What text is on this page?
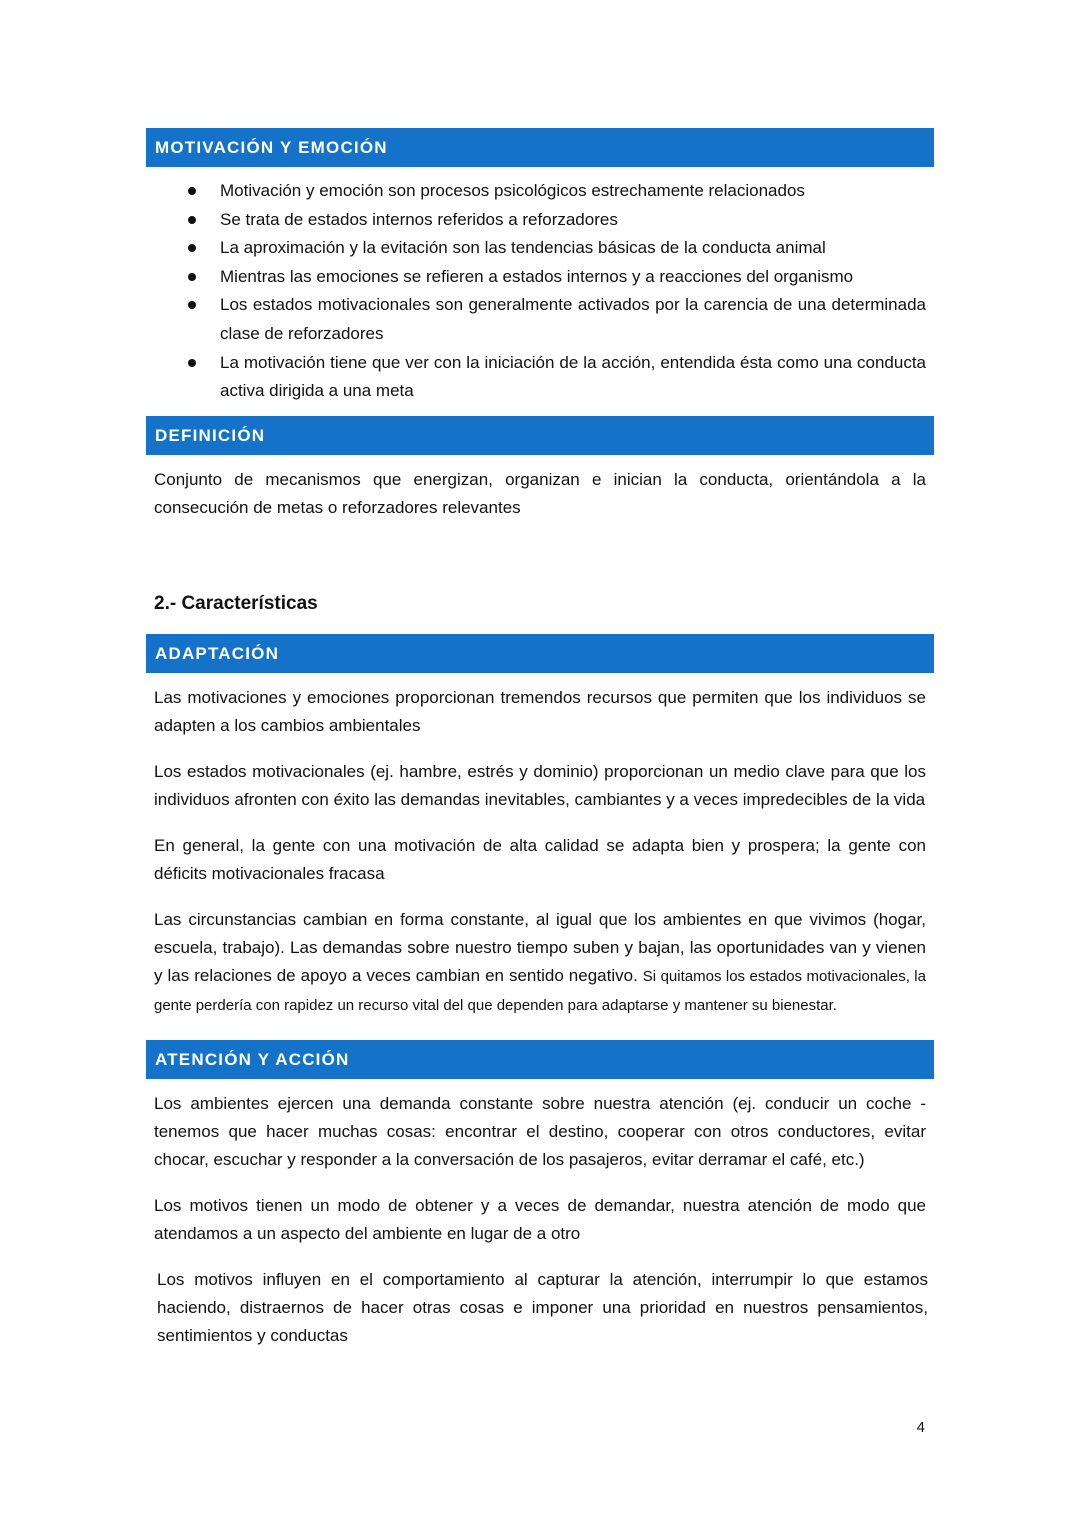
MOTIVACIÓN Y EMOCIÓN
Motivación y emoción son procesos psicológicos estrechamente relacionados
Se trata de estados internos referidos a reforzadores
La aproximación y la evitación son las tendencias básicas de la conducta animal
Mientras las emociones se refieren a estados internos y a reacciones del organismo
Los estados motivacionales son generalmente activados por la carencia de una determinada clase de reforzadores
La motivación tiene que ver con la iniciación de la acción, entendida ésta como una conducta activa dirigida a una meta
DEFINICIÓN

Conjunto de mecanismos que energizan, organizan e inician la conducta, orientándola a la consecución de metas o reforzadores relevantes

2.- Características
ADAPTACIÓN

Las motivaciones y emociones proporcionan tremendos recursos que permiten que los individuos se adapten a los cambios ambientales

Los estados motivacionales (ej. hambre, estrés y dominio) proporcionan un medio clave para que los individuos afronten con éxito las demandas inevitables, cambiantes y a veces impredecibles de la vida

En general, la gente con una motivación de alta calidad se adapta bien y prospera; la gente con déficits motivacionales fracasa

Las circunstancias cambian en forma constante, al igual que los ambientes en que vivimos (hogar, escuela, trabajo). Las demandas sobre nuestro tiempo suben y bajan, las oportunidades van y vienen y las relaciones de apoyo a veces cambian en sentido negativo. Si quitamos los estados motivacionales, la gente perdería con rapidez un recurso vital del que dependen para adaptarse y mantener su bienestar.

ATENCIÓN Y ACCIÓN

Los ambientes ejercen una demanda constante sobre nuestra atención (ej. conducir un coche - tenemos que hacer muchas cosas: encontrar el destino, cooperar con otros conductores, evitar chocar, escuchar y responder a la conversación de los pasajeros, evitar derramar el café, etc.)

Los motivos tienen un modo de obtener y a veces de demandar, nuestra atención de modo que atendamos a un aspecto del ambiente en lugar de a otro

Los motivos influyen en el comportamiento al capturar la atención, interrumpir lo que estamos haciendo, distraernos de hacer otras cosas e imponer una prioridad en nuestros pensamientos, sentimientos y conductas

4
